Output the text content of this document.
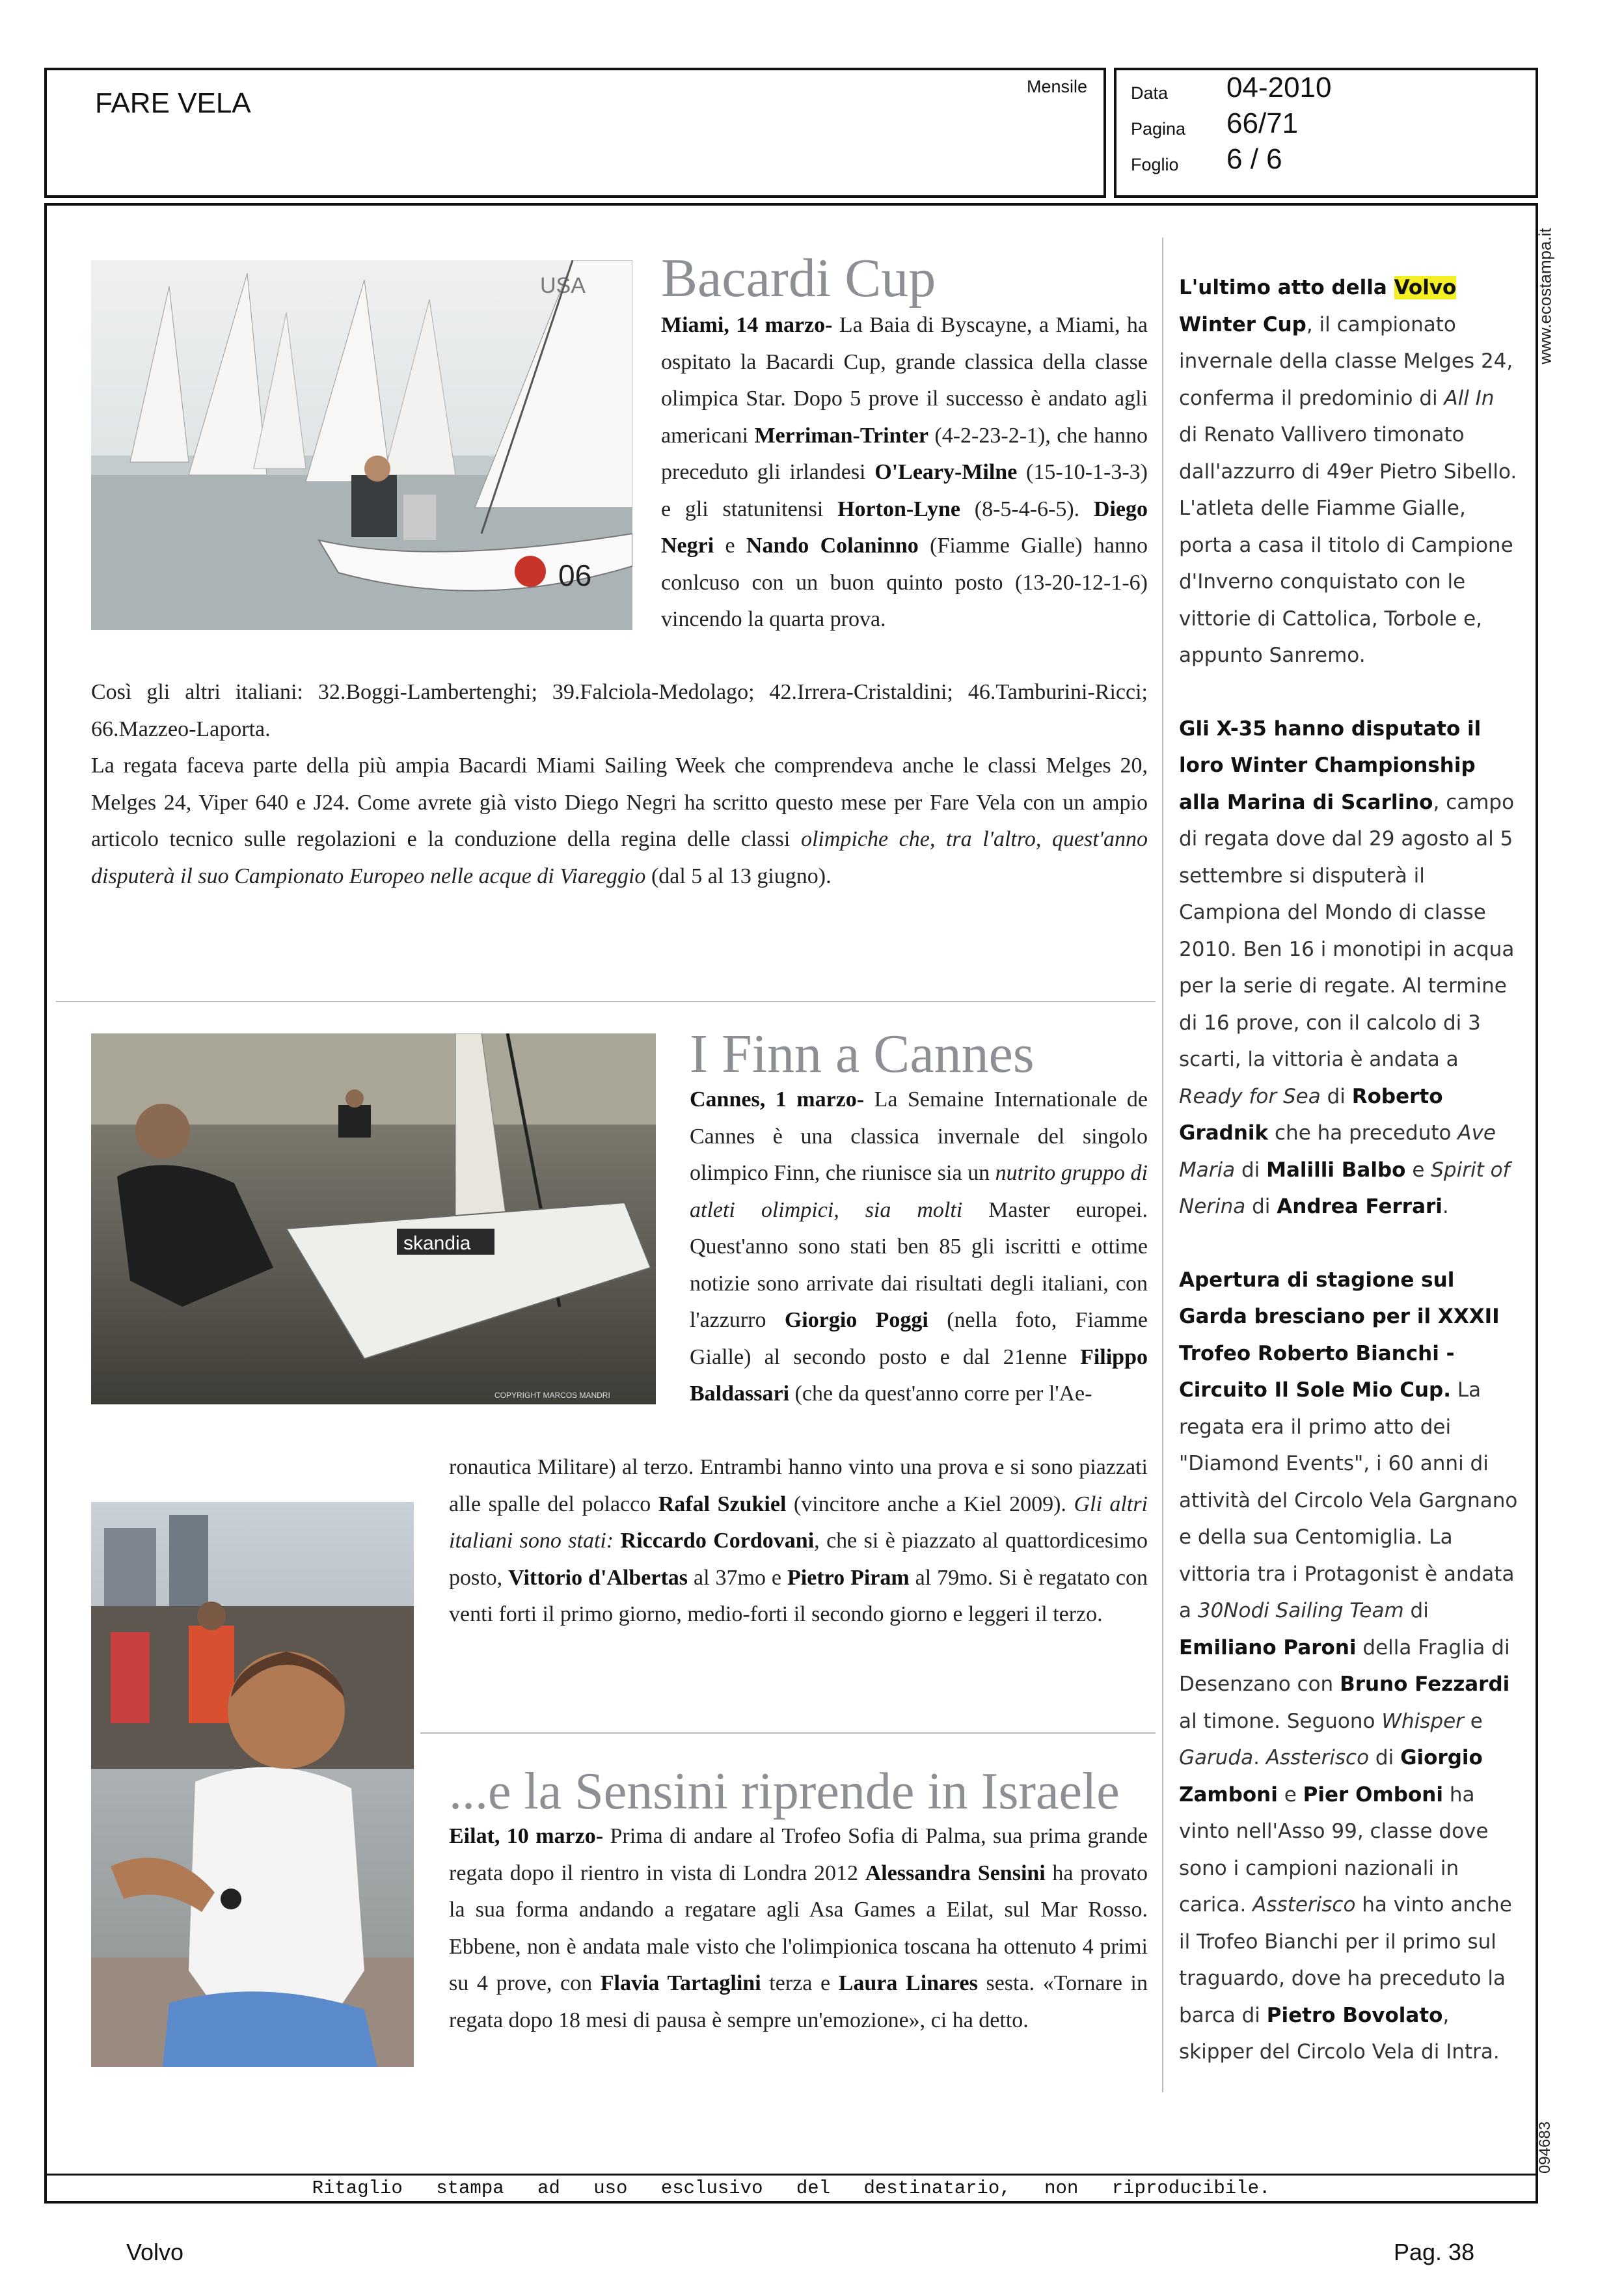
FARE VELA
Mensile Data 04-2010
Pagina 66/71
Foglio 6 / 6
Ritaglio stampa ad uso esclusivo del destinatario, non riproducibile.
www.ecostampa.it
094683
USA
06
skandia
COPYRIGHT MARCOS MANDRI
Bacardi Cup

Miami, 14 marzo- La Baia di Byscayne, a Miami, ha ospitato la Bacardi Cup, grande classica della classe olimpica Star. Dopo 5 prove il successo è andato agli americani Merriman-Trinter (4-2-23-2-1), che hanno preceduto gli irlandesi O'Leary-Milne (15-10-1-3-3) e gli statunitensi Horton-Lyne (8-5-4-6-5). Diego Negri e Nando Colaninno (Fiamme Gialle) hanno conlcuso con un buon quinto posto (13-20-12-1-6) vincendo la quarta prova.

Così gli altri italiani: 32.Boggi-Lambertenghi; 39.Falciola-Medolago; 42.Irrera-Cristaldini; 46.Tamburini-Ricci; 66.Mazzeo-Laporta.

La regata faceva parte della più ampia Bacardi Miami Sailing Week che comprendeva anche le classi Melges 20, Melges 24, Viper 640 e J24. Come avrete già visto Diego Negri ha scritto questo mese per Fare Vela con un ampio articolo tecnico sulle regolazioni e la conduzione della regina delle classi olimpiche che, tra l'altro, quest'anno disputerà il suo Campionato Europeo nelle acque di Viareggio (dal 5 al 13 giugno).

I Finn a Cannes

Cannes, 1 marzo- La Semaine Internationale de Cannes è una classica invernale del singolo olimpico Finn, che riunisce sia un nutrito gruppo di atleti olimpici, sia molti Master europei. Quest'anno sono stati ben 85 gli iscritti e ottime notizie sono arrivate dai risultati degli italiani, con l'azzurro Giorgio Poggi (nella foto, Fiamme Gialle) al secondo posto e dal 21enne Filippo Baldassari (che da quest'anno corre per l'Ae-

ronautica Militare) al terzo. Entrambi hanno vinto una prova e si sono piazzati alle spalle del polacco Rafal Szukiel (vincitore anche a Kiel 2009). Gli altri italiani sono stati: Riccardo Cordovani, che si è piazzato al quattordicesimo posto, Vittorio d'Albertas al 37mo e Pietro Piram al 79mo. Si è regatato con venti forti il primo giorno, medio-forti il secondo giorno e leggeri il terzo.

...e la Sensini riprende in Israele

Eilat, 10 marzo- Prima di andare al Trofeo Sofia di Palma, sua prima grande regata dopo il rientro in vista di Londra 2012 Alessandra Sensini ha provato la sua forma andando a regatare agli Asa Games a Eilat, sul Mar Rosso. Ebbene, non è andata male visto che l'olimpionica toscana ha ottenuto 4 primi su 4 prove, con Flavia Tartaglini terza e Laura Linares sesta. «Tornare in regata dopo 18 mesi di pausa è sempre un'emozione», ci ha detto.

L'ultimo atto della Volvo Winter Cup, il campionato invernale della classe Melges 24, conferma il predominio di All In di Renato Vallivero timonato dall'azzurro di 49er Pietro Sibello. L'atleta delle Fiamme Gialle, porta a casa il titolo di Campione d'Inverno conquistato con le vittorie di Cattolica, Torbole e, appunto Sanremo.

Gli X-35 hanno disputato il loro Winter Championship alla Marina di Scarlino, campo di regata dove dal 29 agosto al 5 settembre si disputerà il Campiona del Mondo di classe 2010. Ben 16 i monotipi in acqua per la serie di regate. Al termine di 16 prove, con il calcolo di 3 scarti, la vittoria è andata a Ready for Sea di Roberto Gradnik che ha preceduto Ave Maria di Malilli Balbo e Spirit of Nerina di Andrea Ferrari.

Apertura di stagione sul Garda bresciano per il XXXII Trofeo Roberto Bianchi - Circuito Il Sole Mio Cup. La regata era il primo atto dei "Diamond Events", i 60 anni di attività del Circolo Vela Gargnano e della sua Centomiglia. La vittoria tra i Protagonist è andata a 30Nodi Sailing Team di Emiliano Paroni della Fraglia di Desenzano con Bruno Fezzardi al timone. Seguono Whisper e Garuda. Assterisco di Giorgio Zamboni e Pier Omboni ha vinto nell'Asso 99, classe dove sono i campioni nazionali in carica. Assterisco ha vinto anche il Trofeo Bianchi per il primo sul traguardo, dove ha preceduto la barca di Pietro Bovolato, skipper del Circolo Vela di Intra.

Volvo	Pag. 38
